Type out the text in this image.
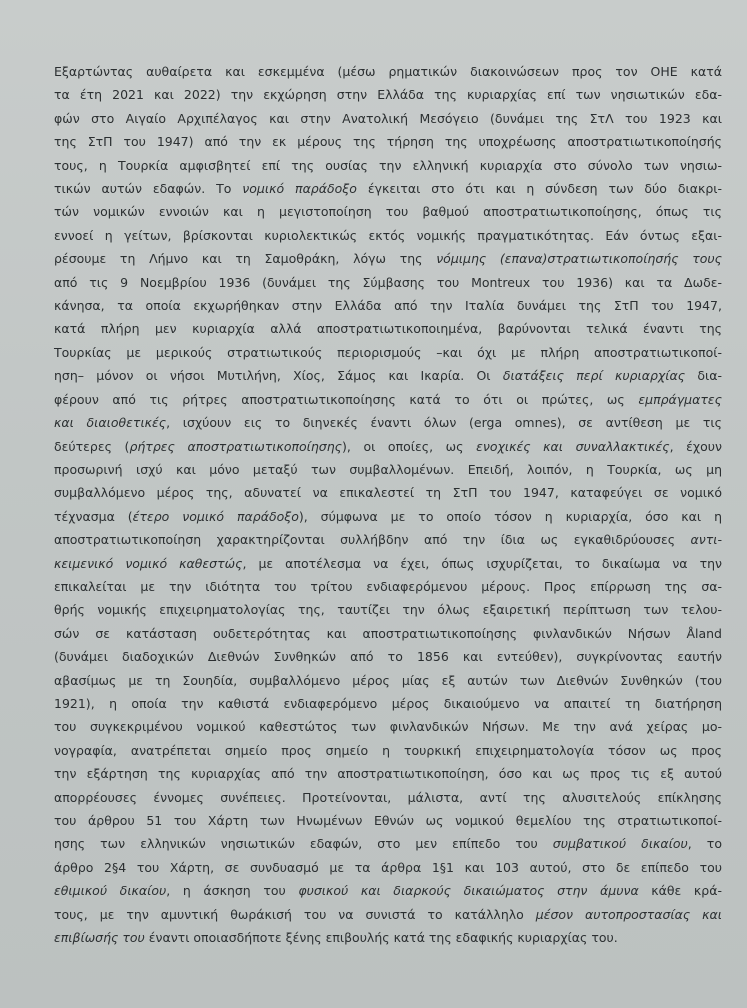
Εξαρτώντας αυθαίρετα και εσκεμμένα (μέσω ρηματικών διακοινώσεων προς τον ΟΗΕ κατά
τα έτη 2021 και 2022) την εκχώρηση στην Ελλάδα της κυριαρχίας επί των νησιωτικών εδα-
φών στο Αιγαίο Αρχιπέλαγος και στην Ανατολική Μεσόγειο (δυνάμει της ΣτΛ του 1923 και
της ΣτΠ του 1947) από την εκ μέρους της τήρηση της υποχρέωσης αποστρατιωτικοποίησής
τους, η Τουρκία αμφισβητεί επί της ουσίας την ελληνική κυριαρχία στο σύνολο των νησιω-
τικών αυτών εδαφών. Το νομικό παράδοξο έγκειται στο ότι και η σύνδεση των δύο διακρι-
τών νομικών εννοιών και η μεγιστοποίηση του βαθμού αποστρατιωτικοποίησης, όπως τις
εννοεί η γείτων, βρίσκονται κυριολεκτικώς εκτός νομικής πραγματικότητας. Εάν όντως εξαι-
ρέσουμε τη Λήμνο και τη Σαμοθράκη, λόγω της νόμιμης (επανα)στρατιωτικοποίησής τους
από τις 9 Νοεμβρίου 1936 (δυνάμει της Σύμβασης του Montreux του 1936) και τα Δωδε-
κάνησα, τα οποία εκχωρήθηκαν στην Ελλάδα από την Ιταλία δυνάμει της ΣτΠ του 1947,
κατά πλήρη μεν κυριαρχία αλλά αποστρατιωτικοποιημένα, βαρύνονται τελικά έναντι της
Τουρκίας με μερικούς στρατιωτικούς περιορισμούς –και όχι με πλήρη αποστρατιωτικοποί-
ηση– μόνον οι νήσοι Μυτιλήνη, Χίος, Σάμος και Ικαρία. Οι διατάξεις περί κυριαρχίας δια-
φέρουν από τις ρήτρες αποστρατιωτικοποίησης κατά το ότι οι πρώτες, ως εμπράγματες
και διαιοθετικές, ισχύουν εις το διηνεκές έναντι όλων (erga omnes), σε αντίθεση με τις
δεύτερες (ρήτρες αποστρατιωτικοποίησης), οι οποίες, ως ενοχικές και συναλλακτικές, έχουν
προσωρινή ισχύ και μόνο μεταξύ των συμβαλλομένων. Επειδή, λοιπόν, η Τουρκία, ως μη
συμβαλλόμενο μέρος της, αδυνατεί να επικαλεστεί τη ΣτΠ του 1947, καταφεύγει σε νομικό
τέχνασμα (έτερο νομικό παράδοξο), σύμφωνα με το οποίο τόσον η κυριαρχία, όσο και η
αποστρατιωτικοποίηση χαρακτηρίζονται συλλήβδην από την ίδια ως εγκαθιδρύουσες αντι-
κειμενικό νομικό καθεστώς, με αποτέλεσμα να έχει, όπως ισχυρίζεται, το δικαίωμα να την
επικαλείται με την ιδιότητα του τρίτου ενδιαφερόμενου μέρους. Προς επίρρωση της σα-
θρής νομικής επιχειρηματολογίας της, ταυτίζει την όλως εξαιρετική περίπτωση των τελου-
σών σε κατάσταση ουδετερότητας και αποστρατιωτικοποίησης φινλανδικών Νήσων Åland
(δυνάμει διαδοχικών Διεθνών Συνθηκών από το 1856 και εντεύθεν), συγκρίνοντας εαυτήν
αβασίμως με τη Σουηδία, συμβαλλόμενο μέρος μίας εξ αυτών των Διεθνών Συνθηκών (του
1921), η οποία την καθιστά ενδιαφερόμενο μέρος δικαιούμενο να απαιτεί τη διατήρηση
του συγκεκριμένου νομικού καθεστώτος των φινλανδικών Νήσων. Με την ανά χείρας μο-
νογραφία, ανατρέπεται σημείο προς σημείο η τουρκική επιχειρηματολογία τόσον ως προς
την εξάρτηση της κυριαρχίας από την αποστρατιωτικοποίηση, όσο και ως προς τις εξ αυτού
απορρέουσες έννομες συνέπειες. Προτείνονται, μάλιστα, αντί της αλυσιτελούς επίκλησης
του άρθρου 51 του Χάρτη των Ηνωμένων Εθνών ως νομικού θεμελίου της στρατιωτικοποί-
ησης των ελληνικών νησιωτικών εδαφών, στο μεν επίπεδο του συμβατικού δικαίου, το
άρθρο 2§4 του Χάρτη, σε συνδυασμό με τα άρθρα 1§1 και 103 αυτού, στο δε επίπεδο του
εθιμικού δικαίου, η άσκηση του φυσικού και διαρκούς δικαιώματος στην άμυνα κάθε κρά-
τους, με την αμυντική θωράκισή του να συνιστά το κατάλληλο μέσον αυτοπροστασίας και
επιβίωσής του έναντι οποιασδήποτε ξένης επιβουλής κατά της εδαφικής κυριαρχίας του.
